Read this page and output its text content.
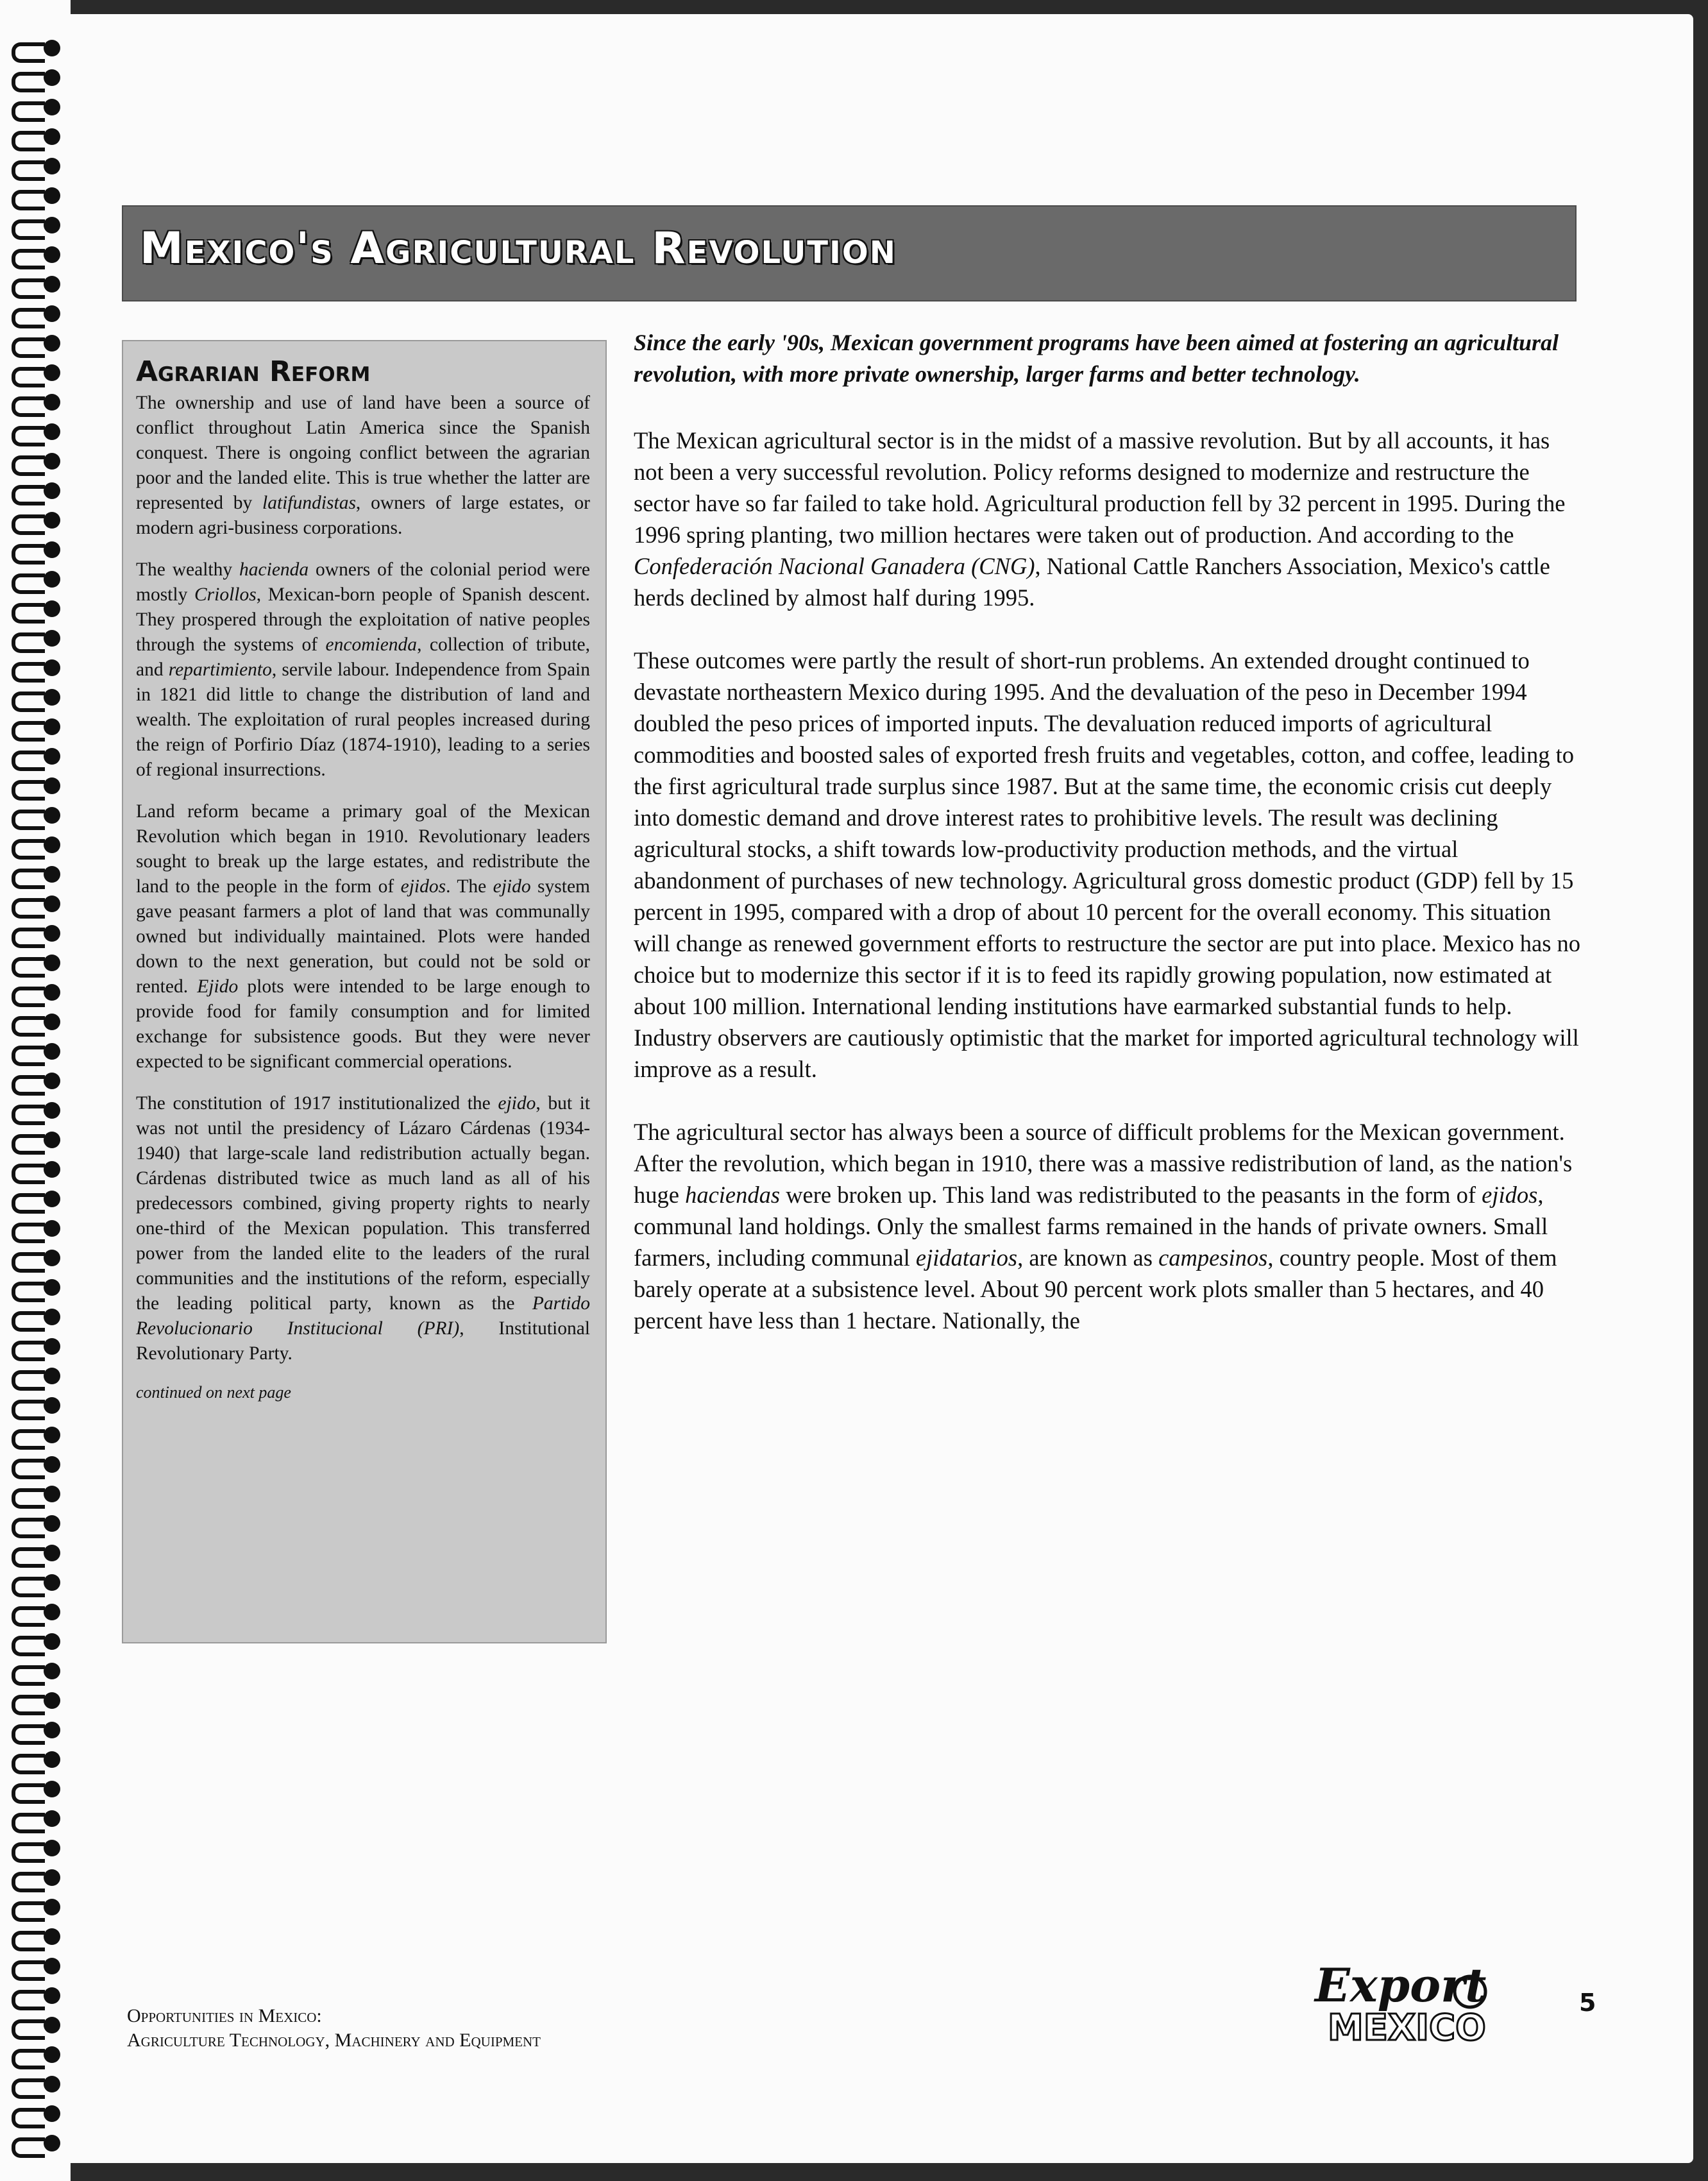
Mexico's Agricultural Revolution
Agrarian Reform

The ownership and use of land have been a source of conflict throughout Latin America since the Spanish conquest. There is ongoing conflict between the agrarian poor and the landed elite. This is true whether the latter are represented by latifundistas, owners of large estates, or modern agri-business corporations.

The wealthy hacienda owners of the colonial period were mostly Criollos, Mexican-born people of Spanish descent. They prospered through the exploitation of native peoples through the systems of encomienda, collection of tribute, and repartimiento, servile labour. Independence from Spain in 1821 did little to change the distribution of land and wealth. The exploitation of rural peoples increased during the reign of Porfirio Díaz (1874-1910), leading to a series of regional insurrections.

Land reform became a primary goal of the Mexican Revolution which began in 1910. Revolutionary leaders sought to break up the large estates, and redistribute the land to the people in the form of ejidos. The ejido system gave peasant farmers a plot of land that was communally owned but individually maintained. Plots were handed down to the next generation, but could not be sold or rented. Ejido plots were intended to be large enough to provide food for family consumption and for limited exchange for subsistence goods. But they were never expected to be significant commercial operations.

The constitution of 1917 institutionalized the ejido, but it was not until the presidency of Lázaro Cárdenas (1934-1940) that large-scale land redistribution actually began. Cárdenas distributed twice as much land as all of his predecessors combined, giving property rights to nearly one-third of the Mexican population. This transferred power from the landed elite to the leaders of the rural communities and the institutions of the reform, especially the leading political party, known as the Partido Revolucionario Institucional (PRI), Institutional Revolutionary Party.

continued on next page

Since the early '90s, Mexican government programs have been aimed at fostering an agricultural revolution, with more private ownership, larger farms and better technology.

The Mexican agricultural sector is in the midst of a massive revolution. But by all accounts, it has not been a very successful revolution. Policy reforms designed to modernize and restructure the sector have so far failed to take hold. Agricultural production fell by 32 percent in 1995. During the 1996 spring planting, two million hectares were taken out of production. And according to the Confederación Nacional Ganadera (CNG), National Cattle Ranchers Association, Mexico's cattle herds declined by almost half during 1995.

These outcomes were partly the result of short-run problems. An extended drought continued to devastate northeastern Mexico during 1995. And the devaluation of the peso in December 1994 doubled the peso prices of imported inputs. The devaluation reduced imports of agricultural commodities and boosted sales of exported fresh fruits and vegetables, cotton, and coffee, leading to the first agricultural trade surplus since 1987. But at the same time, the economic crisis cut deeply into domestic demand and drove interest rates to prohibitive levels. The result was declining agricultural stocks, a shift towards low-productivity production methods, and the virtual abandonment of purchases of new technology. Agricultural gross domestic product (GDP) fell by 15 percent in 1995, compared with a drop of about 10 percent for the overall economy. This situation will change as renewed government efforts to restructure the sector are put into place. Mexico has no choice but to modernize this sector if it is to feed its rapidly growing population, now estimated at about 100 million. International lending institutions have earmarked substantial funds to help. Industry observers are cautiously optimistic that the market for imported agricultural technology will improve as a result.

The agricultural sector has always been a source of difficult problems for the Mexican government. After the revolution, which began in 1910, there was a massive redistribution of land, as the nation's huge haciendas were broken up. This land was redistributed to the peasants in the form of ejidos, communal land holdings. Only the smallest farms remained in the hands of private owners. Small farmers, including communal ejidatarios, are known as campesinos, country people. Most of them barely operate at a subsistence level. About 90 percent work plots smaller than 5 hectares, and 40 percent have less than 1 hectare. Nationally, the

Opportunities in Mexico:
Agriculture Technology, Machinery and Equipment
Export
MEXICO
5
